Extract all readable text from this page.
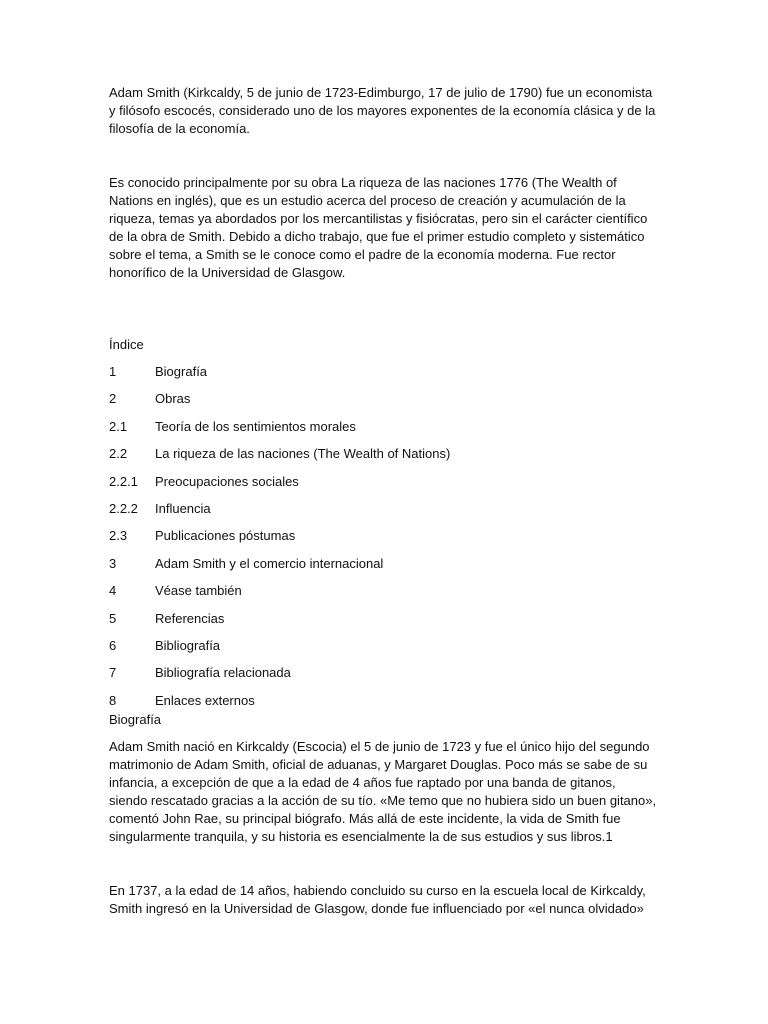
Adam Smith (Kirkcaldy, 5 de junio de 1723-Edimburgo, 17 de julio de 1790) fue un economista y filósofo escocés, considerado uno de los mayores exponentes de la economía clásica y de la filosofía de la economía.

Es conocido principalmente por su obra La riqueza de las naciones 1776 (The Wealth of Nations en inglés), que es un estudio acerca del proceso de creación y acumulación de la riqueza, temas ya abordados por los mercantilistas y fisiócratas, pero sin el carácter científico de la obra de Smith. Debido a dicho trabajo, que fue el primer estudio completo y sistemático sobre el tema, a Smith se le conoce como el padre de la economía moderna. Fue rector honorífico de la Universidad de Glasgow.

Índice
1	Biografía
2	Obras
2.1	Teoría de los sentimientos morales
2.2	La riqueza de las naciones (The Wealth of Nations)
2.2.1	Preocupaciones sociales
2.2.2	Influencia
2.3	Publicaciones póstumas
3	Adam Smith y el comercio internacional
4	Véase también
5	Referencias
6	Bibliografía
7	Bibliografía relacionada
8	Enlaces externos
Biografía

Adam Smith nació en Kirkcaldy (Escocia) el 5 de junio de 1723 y fue el único hijo del segundo matrimonio de Adam Smith, oficial de aduanas, y Margaret Douglas. Poco más se sabe de su infancia, a excepción de que a la edad de 4 años fue raptado por una banda de gitanos, siendo rescatado gracias a la acción de su tío. «Me temo que no hubiera sido un buen gitano», comentó John Rae, su principal biógrafo. Más allá de este incidente, la vida de Smith fue singularmente tranquila, y su historia es esencialmente la de sus estudios y sus libros.1

En 1737, a la edad de 14 años, habiendo concluido su curso en la escuela local de Kirkcaldy, Smith ingresó en la Universidad de Glasgow, donde fue influenciado por «el nunca olvidado»
